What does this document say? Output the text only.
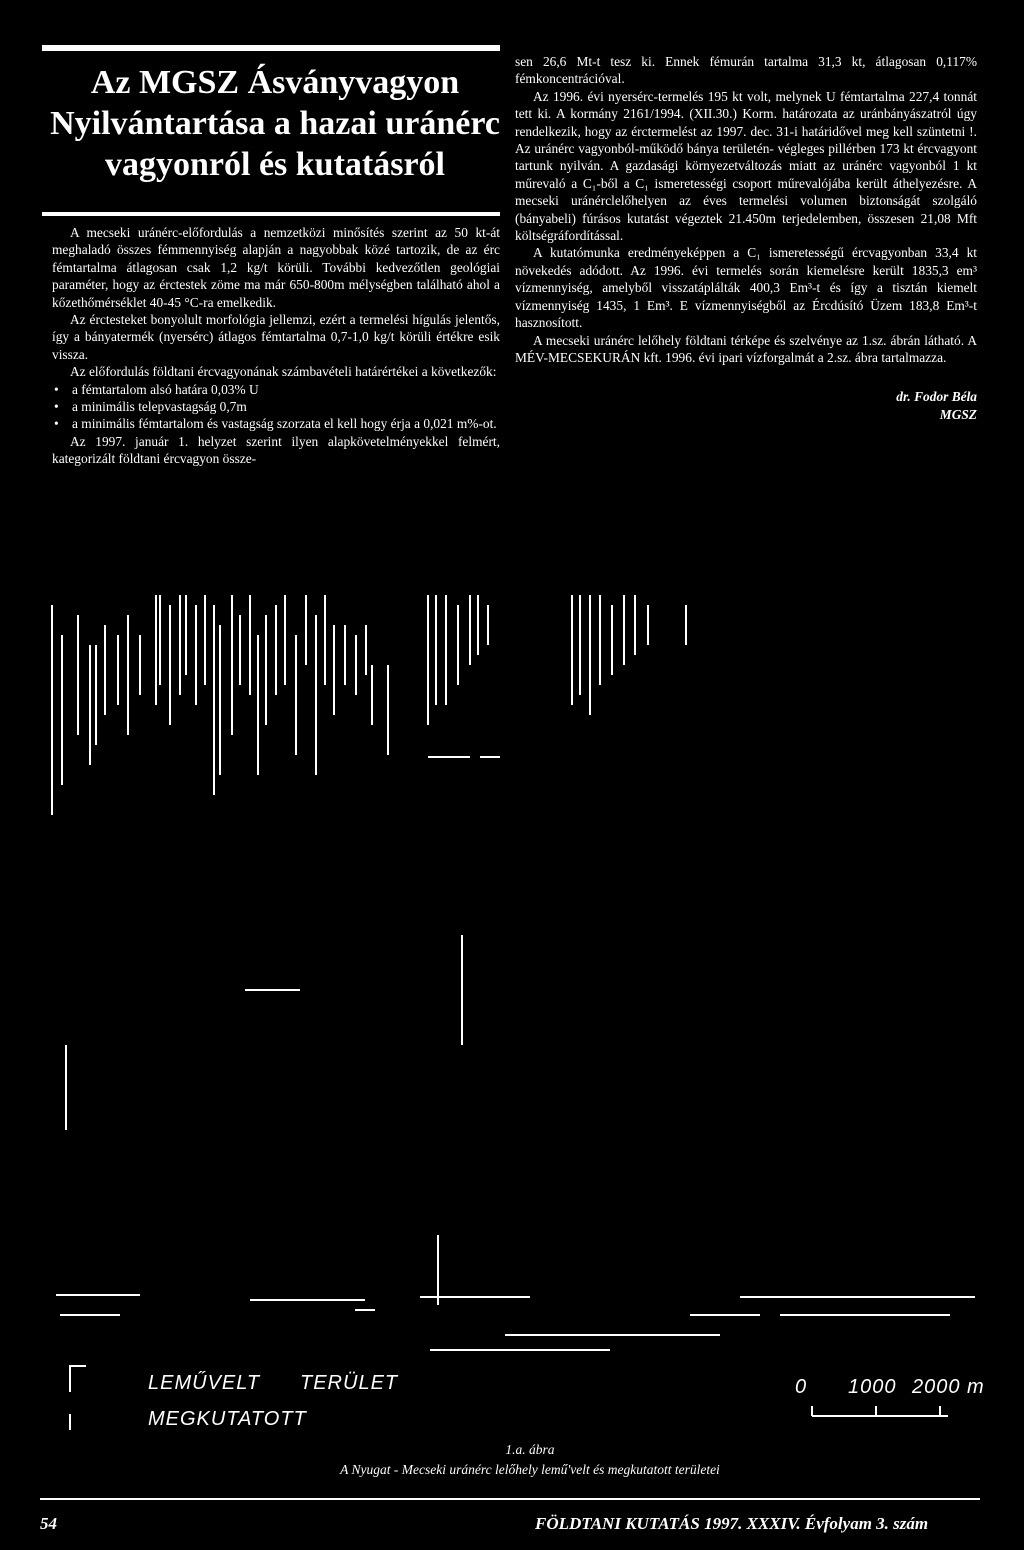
Az MGSZ Ásványvagyon Nyilvántartása a hazai uránérc vagyonról és kutatásról

A mecseki uránérc-előfordulás a nemzetközi minősítés szerint az 50 kt-át meghaladó összes fémmennyiség alapján a nagyobbak közé tartozik, de az érc fémtartalma átlagosan csak 1,2 kg/t körüli. További kedvezőtlen geológiai paraméter, hogy az érctestek zöme ma már 650-800m mélységben található ahol a kőzethőmérséklet 40-45 °C-ra emelkedik.

Az érctesteket bonyolult morfológia jellemzi, ezért a termelési hígulás jelentős, így a bányatermék (nyersérc) átlagos fémtartalma 0,7-1,0 kg/t körüli értékre esik vissza.

Az előfordulás földtani ércvagyonának számbavételi határértékei a következők:

• a fémtartalom alsó határa 0,03% U
• a minimális telepvastagság 0,7m
• a minimális fémtartalom és vastagság szorzata el kell hogy érja a 0,021 m%-ot.

Az 1997. január 1. helyzet szerint ilyen alapkövetelményekkel felmért, kategorizált földtani ércvagyon össze-

sen 26,6 Mt-t tesz ki. Ennek fémurán tartalma 31,3 kt, átlagosan 0,117% fémkoncentrációval.

Az 1996. évi nyersérc-termelés 195 kt volt, melynek U fémtartalma 227,4 tonnát tett ki. A kormány 2161/1994. (XII.30.) Korm. határozata az uránbányászatról úgy rendelkezik, hogy az érctermelést az 1997. dec. 31-i határidővel meg kell szüntetni !. Az uránérc vagyonból-működő bánya területén- végleges pillérben 173 kt ércvagyont tartunk nyilván. A gazdasági környezetváltozás miatt az uránérc vagyonból 1 kt műrevaló a C₁-ből a C₁ ismeretességi csoport műrevalójába került áthelyezésre. A mecseki uránérclelőhelyen az éves termelési volumen biztonságát szolgáló (bányabeli) fúrásos kutatást végeztek 21.450m terjedelemben, összesen 21,08 Mft költségráfordítással.

A kutatómunka eredményeképpen a C₁ ismeretességű ércvagyonban 33,4 kt növekedés adódott. Az 1996. évi termelés során kiemelésre került 1835,3 em³ vízmennyiség, amelyből visszatáplálták 400,3 Em³-t és így a tisztán kiemelt vízmennyiség 1435, 1 Em³. E vízmennyiségből az Ércdúsító Üzem 183,8 Em³-t hasznosított.

A mecseki uránérc lelőhely földtani térképe és szelvénye az 1.sz. ábrán látható. A MÉV-MECSEKURÁN kft. 1996. évi ipari vízforgalmát a 2.sz. ábra tartalmazza.

dr. Fodor Béla
MGSZ
LEMŰVELT TERÜLET
MEGKUTATOTT
0 1000 2000 m
1.a. ábra
A Nyugat - Mecseki uránérc lelőhely lemű'velt és megkutatott területei
54	FÖLDTANI KUTATÁS 1997. XXXIV. Évfolyam 3. szám
